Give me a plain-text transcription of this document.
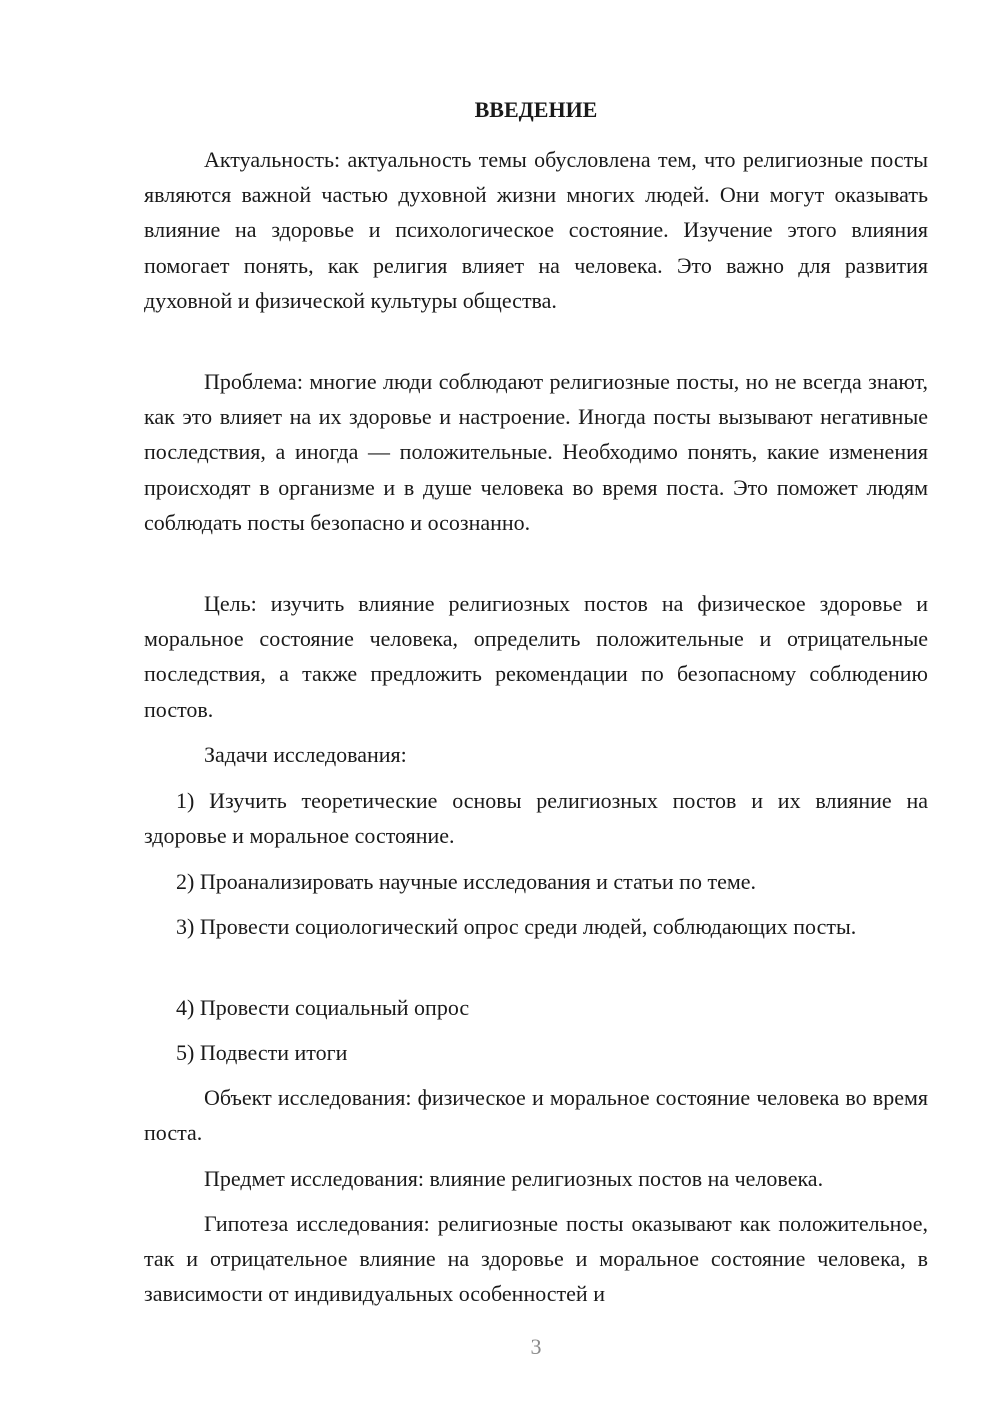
ВВЕДЕНИЕ

Актуальность: актуальность темы обусловлена тем, что религиозные посты являются важной частью духовной жизни многих людей. Они могут оказывать влияние на здоровье и психологическое состояние. Изучение этого влияния помогает понять, как религия влияет на человека. Это важно для развития духовной и физической культуры общества.

Проблема: многие люди соблюдают религиозные посты, но не всегда знают, как это влияет на их здоровье и настроение. Иногда посты вызывают негативные последствия, а иногда — положительные. Необходимо понять, какие изменения происходят в организме и в душе человека во время поста. Это поможет людям соблюдать посты безопасно и осознанно.

Цель: изучить влияние религиозных постов на физическое здоровье и моральное состояние человека, определить положительные и отрицательные последствия, а также предложить рекомендации по безопасному соблюдению постов.

Задачи исследования:

1) Изучить теоретические основы религиозных постов и их влияние на здоровье и моральное состояние.

2) Проанализировать научные исследования и статьи по теме.

3) Провести социологический опрос среди людей, соблюдающих посты.

4) Провести социальный опрос

5) Подвести итоги

Объект исследования: физическое и моральное состояние человека во время поста.

Предмет исследования: влияние религиозных постов на человека.

Гипотеза исследования: религиозные посты оказывают как положительное, так и отрицательное влияние на здоровье и моральное состояние человека, в зависимости от индивидуальных особенностей и

3
